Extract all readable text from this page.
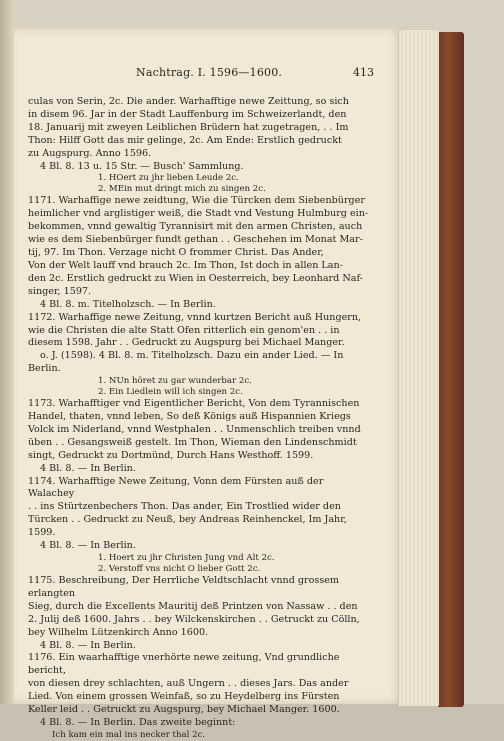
Nachtrag. I. 1596—1600.	413

culas von Serin, 2c. Die ander. Warhafftige newe Zeittung, so sich

in disem 96. Jar in der Stadt Lauffenburg im Schweizerlandt, den

18. Januarij mit zweyen Leiblichen Brüdern hat zugetragen, . . Im

Thon: Hilff Gott das mir gelinge, 2c. Am Ende: Erstlich gedruckt

zu Augspurg. Anno 1596.

4 Bl. 8. 13 u. 15 Str. — Busch' Sammlung.

1. HOert zu jhr lieben Leude 2c.

2. MEin mut dringt mich zu singen 2c.

1171. Warhaffige newe zeidtung, Wie die Türcken dem Siebenbürger

heimlicher vnd arglistiger weiß, die Stadt vnd Vestung Hulmburg ein-

bekommen, vnnd gewaltig Tyrannisirt mit den armen Christen, auch

wie es dem Siebenbürger fundt gethan . . Geschehen im Monat Mar-

tij, 97. Im Thon. Verzage nicht O frommer Christ. Das Ander,

Von der Welt lauff vnd brauch 2c. Im Thon, Ist doch in allen Lan-

den 2c. Erstlich gedruckt zu Wien in Oesterreich, bey Leonhard Naf-

singer, 1597.

4 Bl. 8. m. Titelholzsch. — In Berlin.

1172. Warhaffige newe Zeitung, vnnd kurtzen Bericht auß Hungern,

wie die Christen die alte Statt Ofen ritterlich ein genom'en . . in

diesem 1598. Jahr . . Gedruckt zu Augspurg bei Michael Manger.

o. J. (1598). 4 Bl. 8. m. Titelholzsch. Dazu ein ander Lied. — In

Berlin.

1. NUn höret zu gar wunderbar 2c.

2. Ein Liedlein will ich singen 2c.

1173. Warhafftiger vnd Eigentlicher Bericht, Von dem Tyrannischen

Handel, thaten, vnnd leben, So deß Königs auß Hispannien Kriegs

Volck im Niderland, vnnd Westphalen . . Unmenschlich treiben vnnd

üben . . Gesangsweiß gestelt. Im Thon, Wieman den Lindenschmidt

singt, Gedruckt zu Dortmünd, Durch Hans Westhoff. 1599.

4 Bl. 8. — In Berlin.

1174. Warhafftige Newe Zeitung, Vonn dem Fürsten auß der Walachey

. . ins Stürtzenbechers Thon. Das ander, Ein Trostlied wider den

Türcken . . Gedruckt zu Neuß, bey Andreas Reinhenckel, Im Jahr,

1599.

4 Bl. 8. — In Berlin.

1. Hoert zu jhr Christen Jung vnd Alt 2c.

2. Verstoff vns nicht O lieber Gott 2c.

1175. Beschreibung, Der Herrliche Veldtschlacht vnnd grossem erlangten

Sieg, durch die Excellents Mauritij deß Printzen von Nassaw . . den

2. Julij deß 1600. Jahrs . . bey Wilckenskirchen . . Getruckt zu Cölln,

bey Wilhelm Lützenkirch Anno 1600.

4 Bl. 8. — In Berlin.

1176. Ein waarhafftige vnerhörte newe zeitung, Vnd grundliche bericht,

von diesen drey schlachten, auß Ungern . . dieses Jars. Das ander

Lied. Von einem grossen Weinfaß, so zu Heydelberg ins Fürsten

Keller leid . . Getruckt zu Augspurg, bey Michael Manger. 1600.

4 Bl. 8. — In Berlin. Das zweite beginnt:

Ich kam ein mal ins necker thal 2c.
